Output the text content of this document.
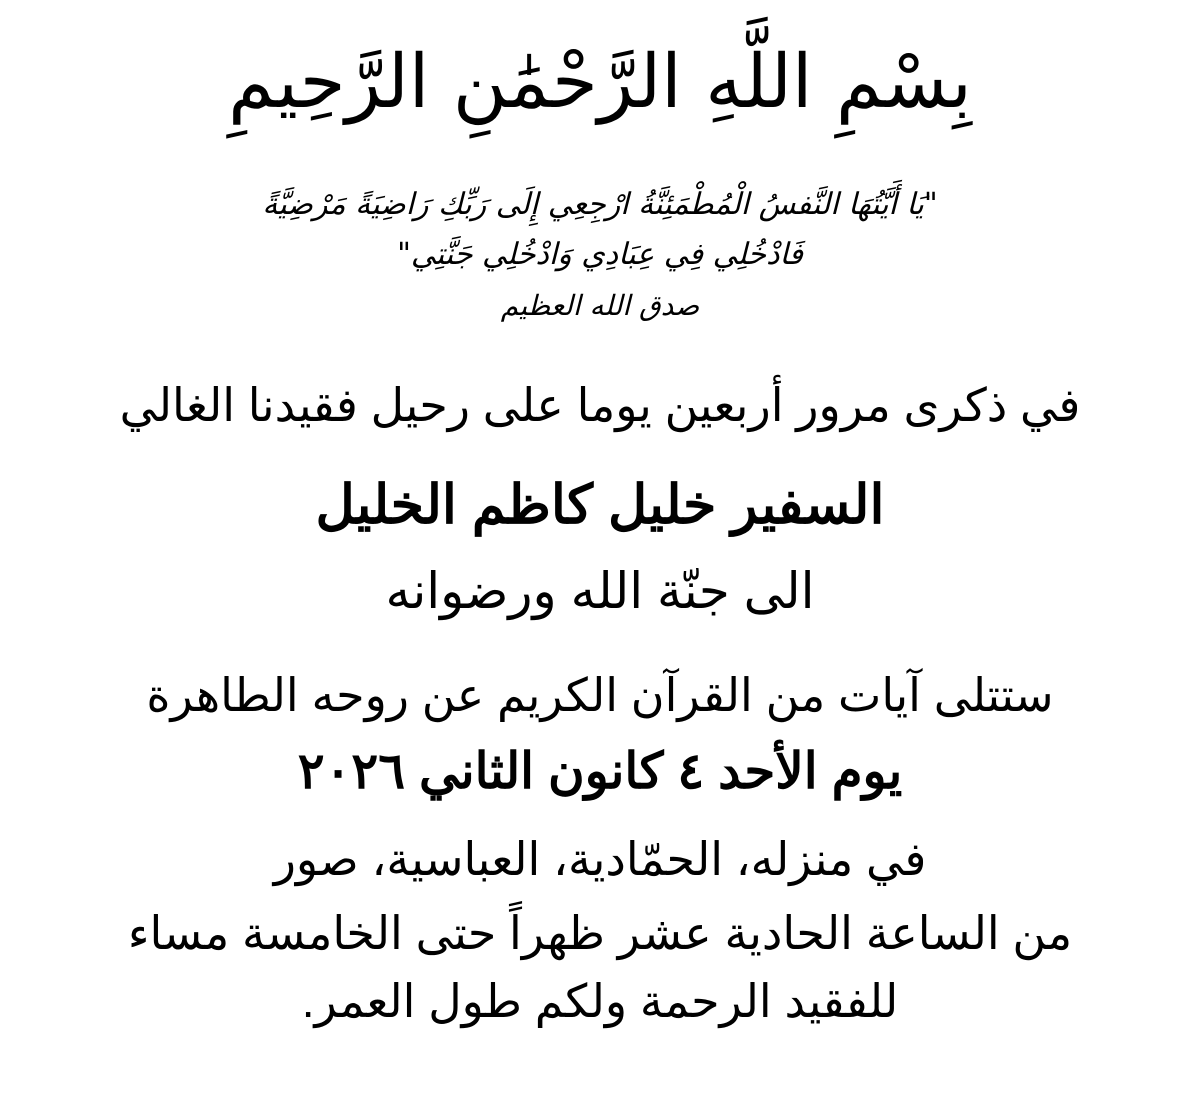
بِسْمِ اللَّهِ الرَّحْمَٰنِ الرَّحِيمِ
"يَا أَيَّتُهَا النَّفسُ الْمُطْمَئِنَّةُ ارْجِعِي إِلَى رَبِّكِ رَاضِيَةً مَرْضِيَّةً
فَادْخُلِي فِي عِبَادِي وَادْخُلِي جَنَّتِي"
صدق الله العظيم
في ذكرى مرور أربعين يوما على رحيل فقيدنا الغالي
السفير خليل كاظم الخليل
الى جنّة الله ورضوانه
ستتلى آيات من القرآن الكريم عن روحه الطاهرة
يوم الأحد ٤ كانون الثاني ٢٠٢٦
في منزله، الحمّادية، العباسية، صور
من الساعة الحادية عشر ظهراً حتى الخامسة مساء
للفقيد الرحمة ولكم طول العمر.
